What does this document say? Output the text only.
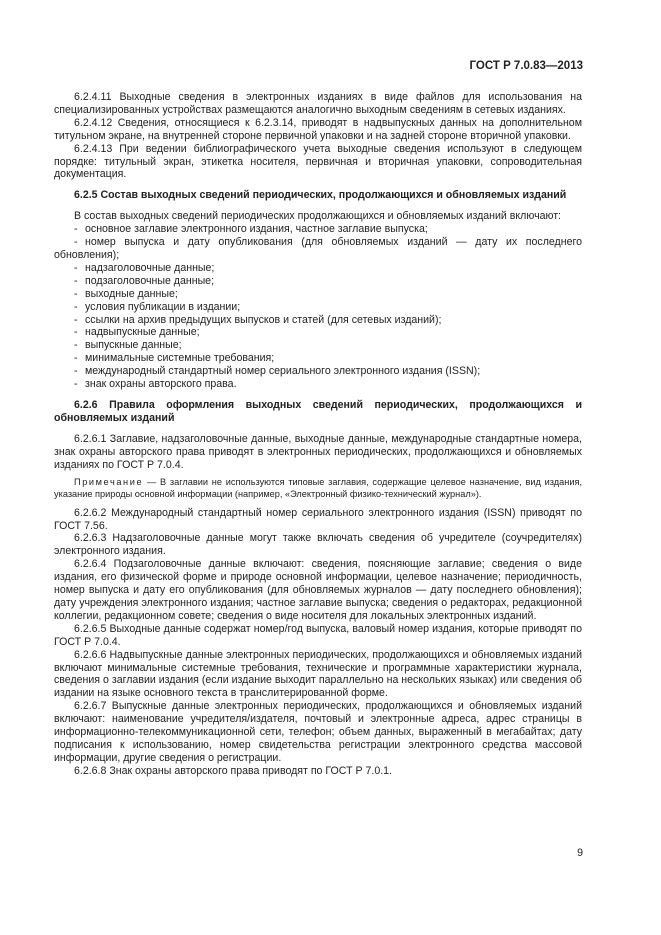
ГОСТ Р 7.0.83—2013

6.2.4.11 Выходные сведения в электронных изданиях в виде файлов для использования на специализированных устройствах размещаются аналогично выходным сведениям в сетевых изданиях.

6.2.4.12 Сведения, относящиеся к 6.2.3.14, приводят в надвыпускных данных на дополнительном титульном экране, на внутренней стороне первичной упаковки и на задней стороне вторичной упаковки.

6.2.4.13 При ведении библиографического учета выходные сведения используют в следующем порядке: титульный экран, этикетка носителя, первичная и вторичная упаковки, сопроводительная документация.

6.2.5 Состав выходных сведений периодических, продолжающихся и обновляемых изданий

В состав выходных сведений периодических продолжающихся и обновляемых изданий включают:

- основное заглавие электронного издания, частное заглавие выпуска;
- номер выпуска и дату опубликования (для обновляемых изданий — дату их последнего обновления);
- надзаголовочные данные;
- подзаголовочные данные;
- выходные данные;
- условия публикации в издании;
- ссылки на архив предыдущих выпусков и статей (для сетевых изданий);
- надвыпускные данные;
- выпускные данные;
- минимальные системные требования;
- международный стандартный номер сериального электронного издания (ISSN);
- знак охраны авторского права.

6.2.6 Правила оформления выходных сведений периодических, продолжающихся и обновляемых изданий

6.2.6.1 Заглавие, надзаголовочные данные, выходные данные, международные стандартные номера, знак охраны авторского права приводят в электронных периодических, продолжающихся и обновляемых изданиях по ГОСТ Р 7.0.4.

Примечание — В заглавии не используются типовые заглавия, содержащие целевое назначение, вид издания, указание природы основной информации (например, «Электронный физико-технический журнал»).

6.2.6.2 Международный стандартный номер сериального электронного издания (ISSN) приводят по ГОСТ 7.56.

6.2.6.3 Надзаголовочные данные могут также включать сведения об учредителе (соучредителях) электронного издания.

6.2.6.4 Подзаголовочные данные включают: сведения, поясняющие заглавие; сведения о виде издания, его физической форме и природе основной информации, целевое назначение; периодичность, номер выпуска и дату его опубликования (для обновляемых журналов — дату последнего обновления); дату учреждения электронного издания; частное заглавие выпуска; сведения о редакторах, редакционной коллегии, редакционном совете; сведения о виде носителя для локальных электронных изданий.

6.2.6.5 Выходные данные содержат номер/год выпуска, валовый номер издания, которые приводят по ГОСТ Р 7.0.4.

6.2.6.6 Надвыпускные данные электронных периодических, продолжающихся и обновляемых изданий включают минимальные системные требования, технические и программные характеристики журнала, сведения о заглавии издания (если издание выходит параллельно на нескольких языках) или сведения об издании на языке основного текста в транслитерированной форме.

6.2.6.7 Выпускные данные электронных периодических, продолжающихся и обновляемых изданий включают: наименование учредителя/издателя, почтовый и электронные адреса, адрес страницы в информационно-телекоммуникационной сети, телефон; объем данных, выраженный в мегабайтах; дату подписания к использованию, номер свидетельства регистрации электронного средства массовой информации, другие сведения о регистрации.

6.2.6.8 Знак охраны авторского права приводят по ГОСТ Р 7.0.1.

9
